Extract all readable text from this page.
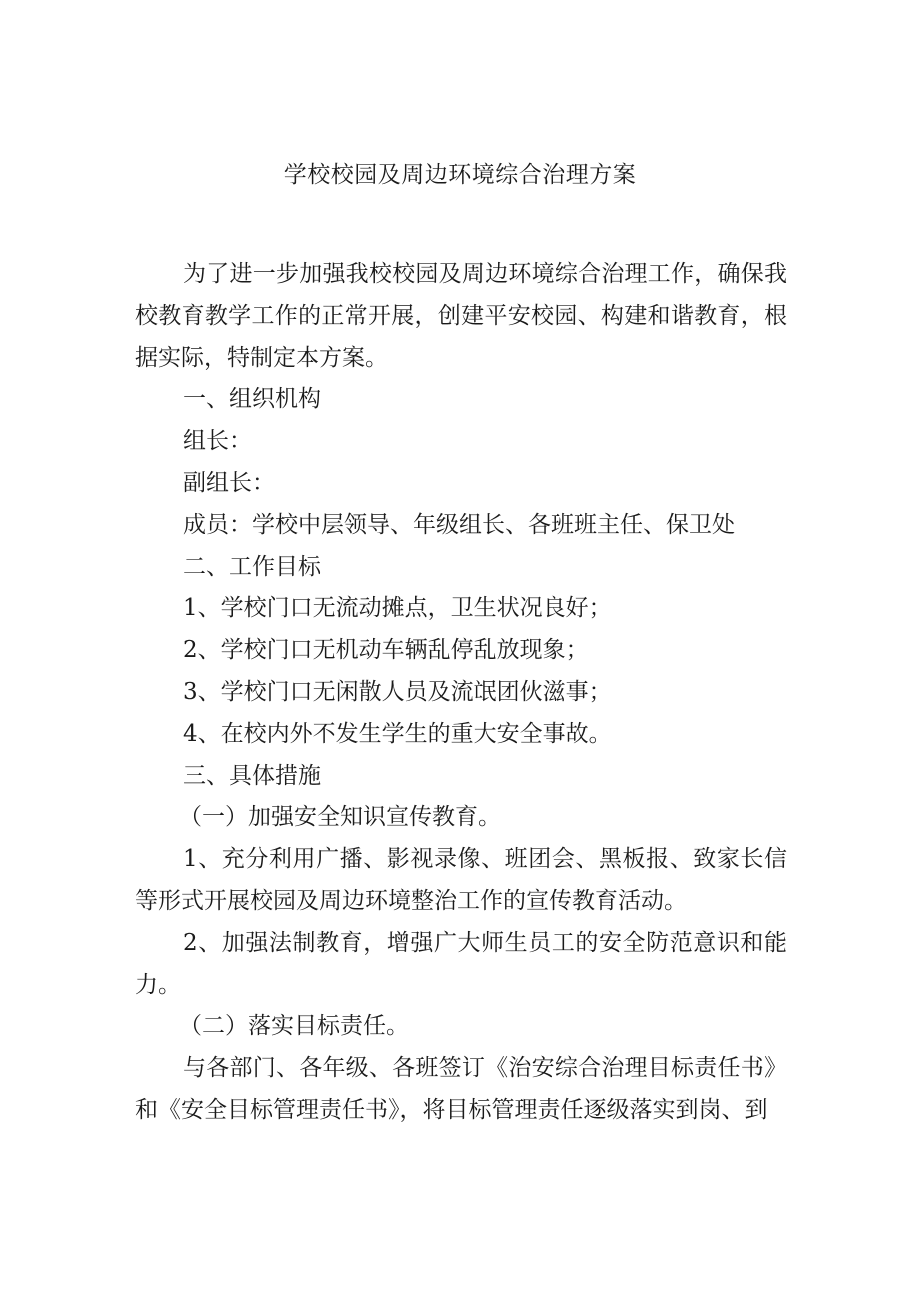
学校校园及周边环境综合治理方案

为了进一步加强我校校园及周边环境综合治理工作，确保我校教育教学工作的正常开展，创建平安校园、构建和谐教育，根据实际，特制定本方案。

一、组织机构

组长：

副组长：

成员：学校中层领导、年级组长、各班班主任、保卫处

二、工作目标

1、学校门口无流动摊点，卫生状况良好；

2、学校门口无机动车辆乱停乱放现象；

3、学校门口无闲散人员及流氓团伙滋事；

4、在校内外不发生学生的重大安全事故。

三、具体措施

（一）加强安全知识宣传教育。

1、充分利用广播、影视录像、班团会、黑板报、致家长信等形式开展校园及周边环境整治工作的宣传教育活动。

2、加强法制教育，增强广大师生员工的安全防范意识和能力。

（二）落实目标责任。

与各部门、各年级、各班签订《治安综合治理目标责任书》和《安全目标管理责任书》，将目标管理责任逐级落实到岗、到
